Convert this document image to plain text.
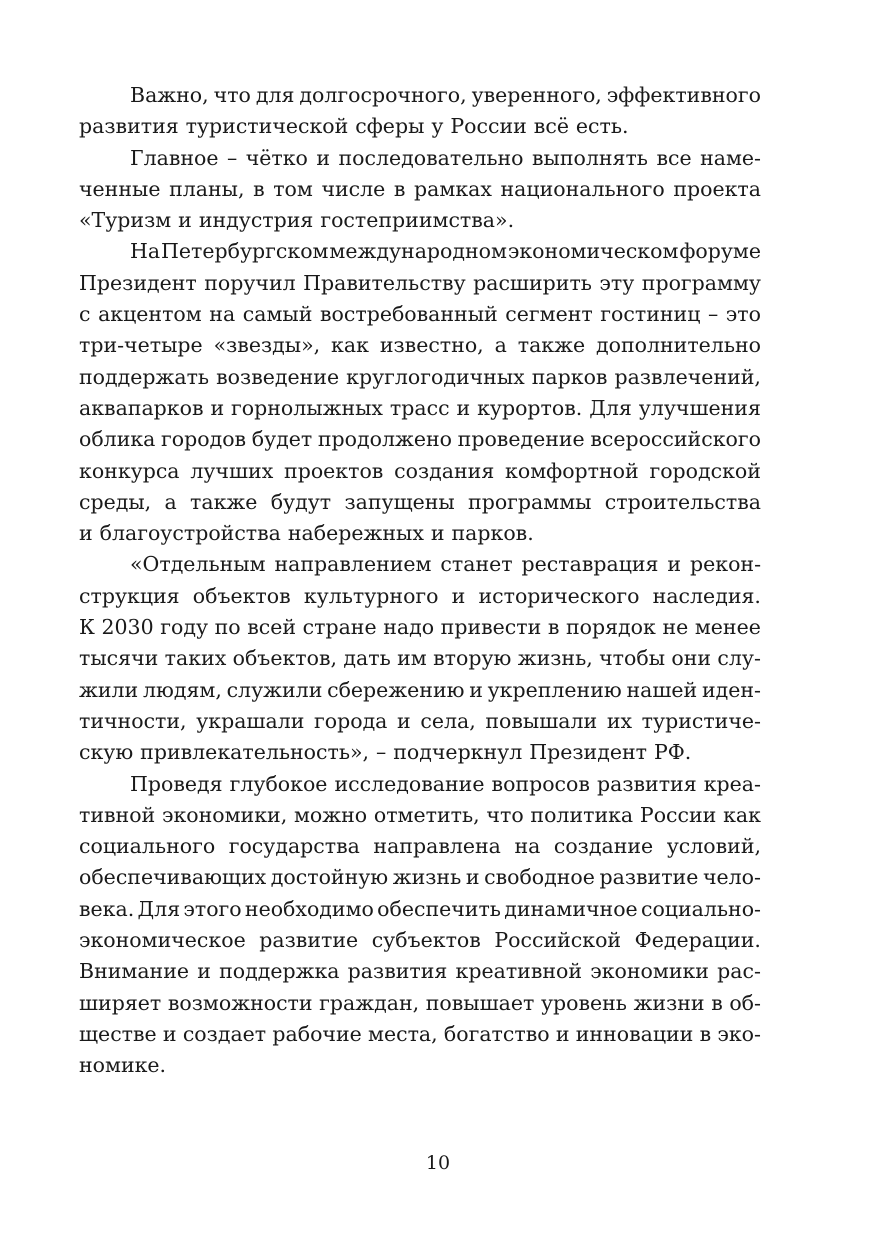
Важно, что для долгосрочного, уверенного, эффективного
развития туристической сферы у России всё есть.
Главное – чётко и последовательно выполнять все наме-
ченные планы, в том числе в рамках национального проекта
«Туризм и индустрия гостеприимства».
На Петербургском международном экономическом форуме
Президент поручил Правительству расширить эту программу
с акцентом на самый востребованный сегмент гостиниц – это
три-четыре «звезды», как известно, а также дополнительно
поддержать возведение круглогодичных парков развлечений,
аквапарков и горнолыжных трасс и курортов. Для улучшения
облика городов будет продолжено проведение всероссийского
конкурса лучших проектов создания комфортной городской
среды, а также будут запущены программы строительства
и благоустройства набережных и парков.
«Отдельным направлением станет реставрация и рекон-
струкция объектов культурного и исторического наследия.
К 2030 году по всей стране надо привести в порядок не менее
тысячи таких объектов, дать им вторую жизнь, чтобы они слу-
жили людям, служили сбережению и укреплению нашей иден-
тичности, украшали города и села, повышали их туристиче-
скую привлекательность», – подчеркнул Президент РФ.
Проведя глубокое исследование вопросов развития креа-
тивной экономики, можно отметить, что политика России как
социального государства направлена на создание условий,
обеспечивающих достойную жизнь и свободное развитие чело-
века. Для этого необходимо обеспечить динамичное социально-
экономическое развитие субъектов Российской Федерации.
Внимание и поддержка развития креативной экономики рас-
ширяет возможности граждан, повышает уровень жизни в об-
ществе и создает рабочие места, богатство и инновации в эко-
номике.
10
